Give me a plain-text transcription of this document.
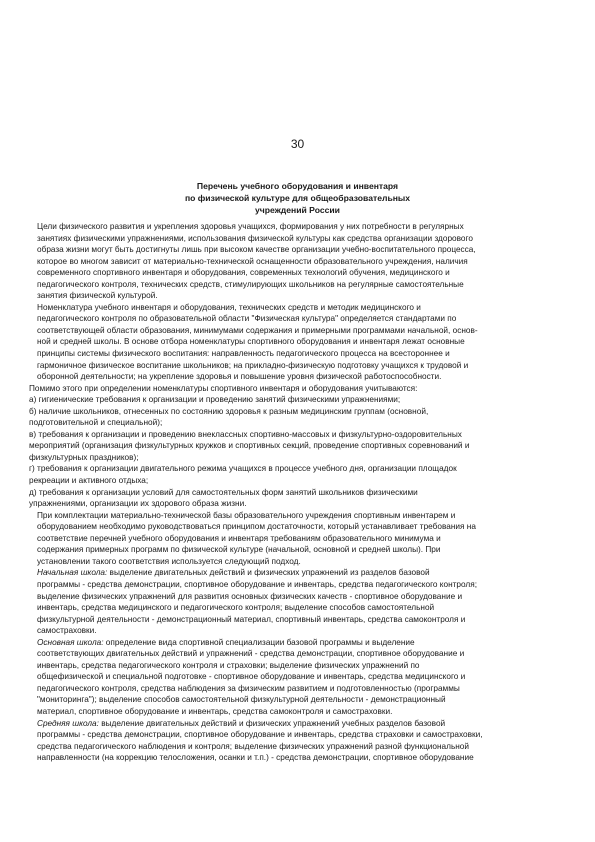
30
Перечень учебного оборудования и инвентаря
по физической культуре для общеобразовательных
учреждений России

Цели физического развития и укрепления здоровья учащихся, формирования у них потребности в регулярных
занятиях физическими упражнениями, использования физической культуры как средства организации здорового
образа жизни могут быть достигнуты лишь при высоком качестве организации учебно-воспитательного процесса,
которое во многом зависит от материально-технической оснащенности образовательного учреждения, наличия
современного спортивного инвентаря и оборудования, современных технологий обучения, медицинского и
педагогического контроля, технических средств, стимулирующих школьников на регулярные самостоятельные
занятия физической культурой.

Номенклатура учебного инвентаря и оборудования, технических средств и методик медицинского и
педагогического контроля по образовательной области "Физическая культура" определяется стандартами по
соответствующей области образования, минимумами содержания и примерными программами начальной, основ-
ной и средней школы. В основе отбора номенклатуры спортивного оборудования и инвентаря лежат основные
принципы системы физического воспитания: направленность педагогического процесса на всестороннее и
гармоничное физическое воспитание школьников; на прикладно-физическую подготовку учащихся к трудовой и
оборонной деятельности; на укрепление здоровья и повышение уровня физической работоспособности.

Помимо этого при определении номенклатуры спортивного инвентаря и оборудования учитываются:
а) гигиенические требования к организации и проведению занятий физическими упражнениями;
б) наличие школьников, отнесенных по состоянию здоровья к разным медицинским группам (основной,
подготовительной и специальной);
в) требования к организации и проведению внеклассных спортивно-массовых и физкультурно-оздоровительных
мероприятий (организация физкультурных кружков и спортивных секций, проведение спортивных соревнований и
физкультурных праздников);
г) требования к организации двигательного режима учащихся в процессе учебного дня, организации площадок
рекреации и активного отдыха;
д) требования к организации условий для самостоятельных форм занятий школьников физическими
упражнениями, организации их здорового образа жизни.

При комплектации материально-технической базы образовательного учреждения спортивным инвентарем и
оборудованием необходимо руководствоваться принципом достаточности, который устанавливает требования на
соответствие перечней учебного оборудования и инвентаря требованиям образовательного минимума и
содержания примерных программ по физической культуре (начальной, основной и средней школы). При
установлении такого соответствия используется следующий подход.

Начальная школа: выделение двигательных действий и физических упражнений из разделов базовой
программы - средства демонстрации, спортивное оборудование и инвентарь, средства педагогического контроля;
выделение физических упражнений для развития основных физических качеств - спортивное оборудование и
инвентарь, средства медицинского и педагогического контроля; выделение способов самостоятельной
физкультурной деятельности - демонстрационный материал, спортивный инвентарь, средства самоконтроля и
самостраховки.

Основная школа: определение вида спортивной специализации базовой программы и выделение
соответствующих двигательных действий и упражнений - средства демонстрации, спортивное оборудование и
инвентарь, средства педагогического контроля и страховки; выделение физических упражнений по
общефизической и специальной подготовке - спортивное оборудование и инвентарь, средства медицинского и
педагогического контроля, средства наблюдения за физическим развитием и подготовленностью (программы
"мониторинга"); выделение способов самостоятельной физкультурной деятельности - демонстрационный
материал, спортивное оборудование и инвентарь, средства самоконтроля и самостраховки.

Средняя школа: выделение двигательных действий и физических упражнений учебных разделов базовой
программы - средства демонстрации, спортивное оборудование и инвентарь, средства страховки и самостраховки,
средства педагогического наблюдения и контроля; выделение физических упражнений разной функциональной
направленности (на коррекцию телосложения, осанки и т.п.) - средства демонстрации, спортивное оборудование
